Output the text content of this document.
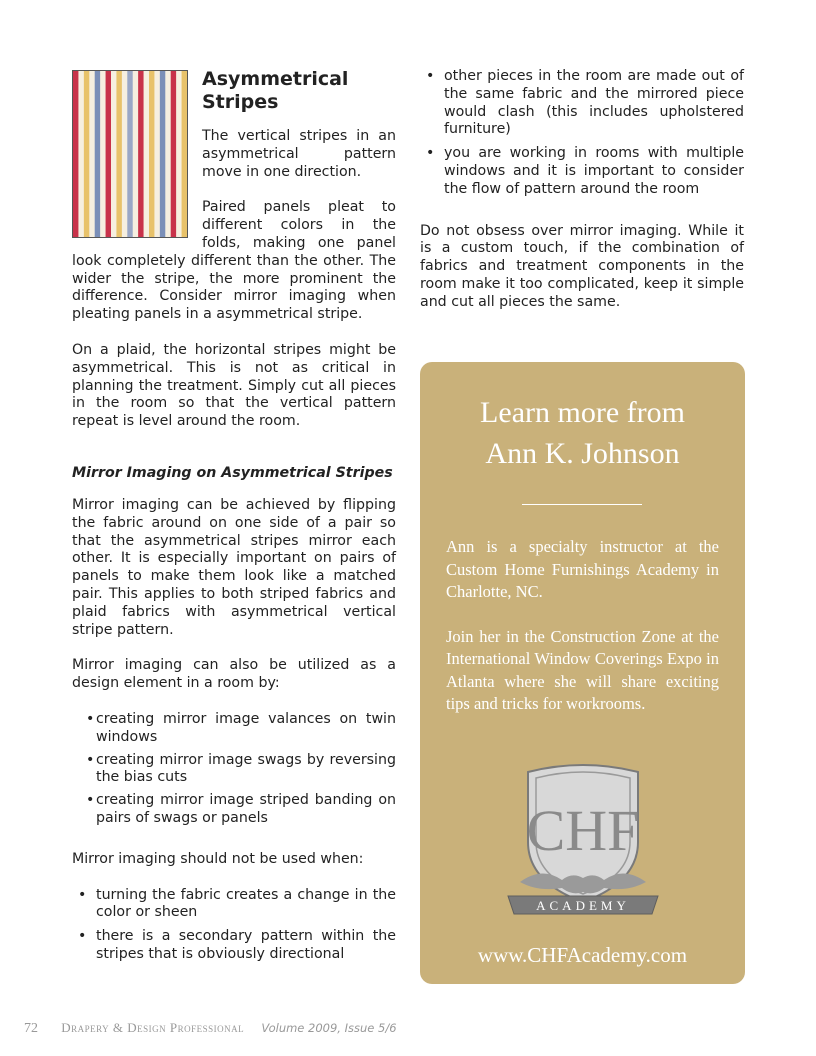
Asymmetrical Stripes

The vertical stripes in an asymmetrical pattern move in one direction.

Paired panels pleat to different colors in the folds, making one panel look completely different than the other. The wider the stripe, the more prominent the difference. Consider mirror imaging when pleating panels in a asymmetrical stripe.

On a plaid, the horizontal stripes might be asymmetrical. This is not as critical in planning the treatment. Simply cut all pieces in the room so that the vertical pattern repeat is level around the room.

Mirror Imaging on Asymmetrical Stripes

Mirror imaging can be achieved by flipping the fabric around on one side of a pair so that the asymmetrical stripes mirror each other. It is especially important on pairs of panels to make them look like a matched pair. This applies to both striped fabrics and plaid fabrics with asymmetrical vertical stripe pattern.

Mirror imaging can also be utilized as a design element in a room by:

• creating mirror image valances on twin windows
• creating mirror image swags by reversing the bias cuts
• creating mirror image striped banding on pairs of swags or panels

Mirror imaging should not be used when:

• turning the fabric creates a change in the color or sheen
• there is a secondary pattern within the stripes that is obviously directional
• other pieces in the room are made out of the same fabric and the mirrored piece would clash (this includes upholstered furniture)
• you are working in rooms with multiple windows and it is important to consider the flow of pattern around the room

Do not obsess over mirror imaging. While it is a custom touch, if the combination of fabrics and treatment components in the room make it too complicated, keep it simple and cut all pieces the same.

Learn more from
Ann K. Johnson
Ann is a specialty instructor at the Custom Home Furnishings Academy in Charlotte, NC.
Join her in the Construction Zone at the International Window Coverings Expo in Atlanta where she will share exciting tips and tricks for workrooms.
CHF
ACADEMY
www.CHFAcademy.com
72 Drapery & Design Professional Volume 2009, Issue 5/6
